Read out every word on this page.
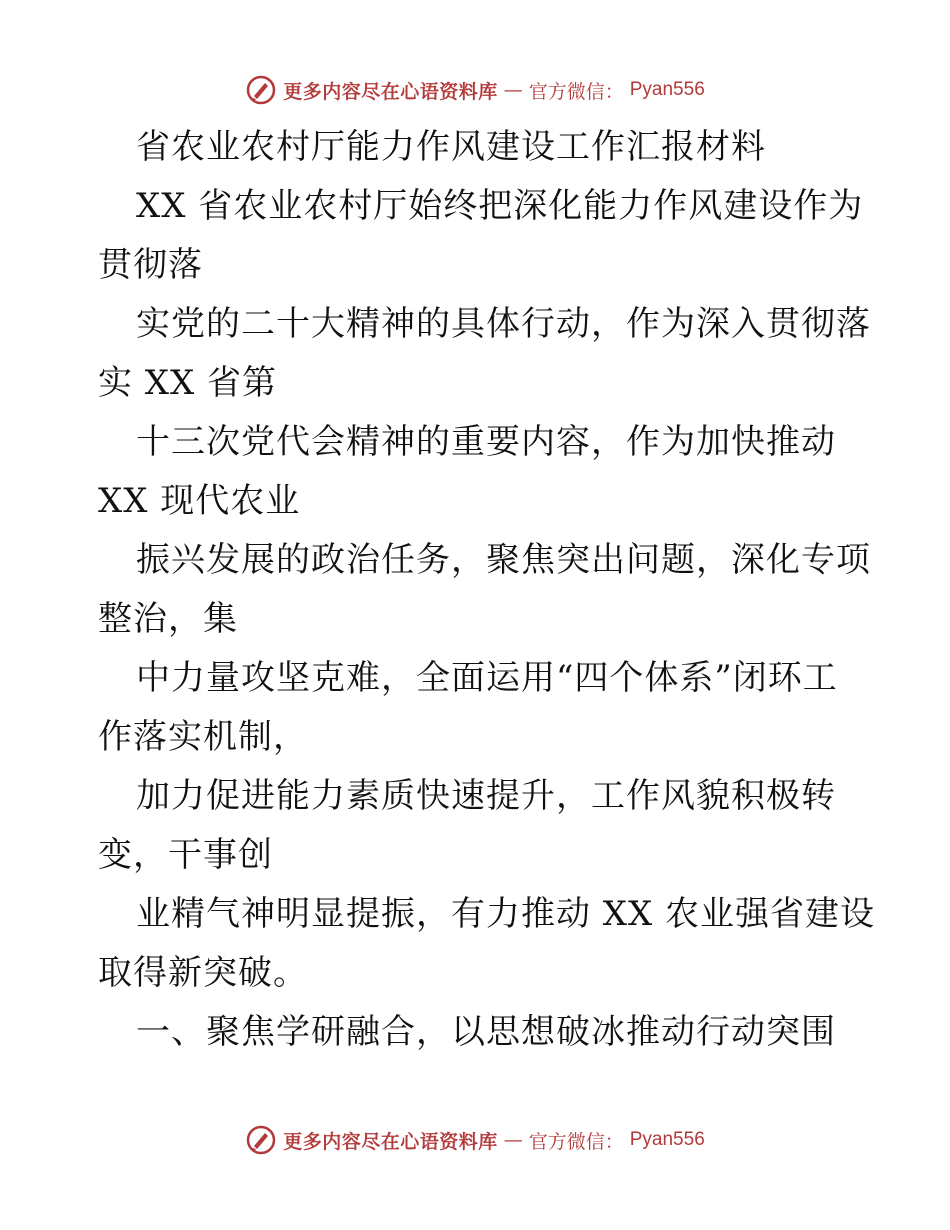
更多内容尽在心语资料库 — 官方微信： Pyan556
省农业农村厅能力作风建设工作汇报材料
XX 省农业农村厅始终把深化能力作风建设作为
贯彻落
实党的二十大精神的具体行动，作为深入贯彻落
实 XX 省第
十三次党代会精神的重要内容，作为加快推动
XX 现代农业
振兴发展的政治任务，聚焦突出问题，深化专项
整治，集
中力量攻坚克难，全面运用“四个体系”闭环工
作落实机制，
加力促进能力素质快速提升，工作风貌积极转
变，干事创
业精气神明显提振，有力推动 XX 农业强省建设
取得新突破。
一、聚焦学研融合，以思想破冰推动行动突围
更多内容尽在心语资料库 — 官方微信： Pyan556
